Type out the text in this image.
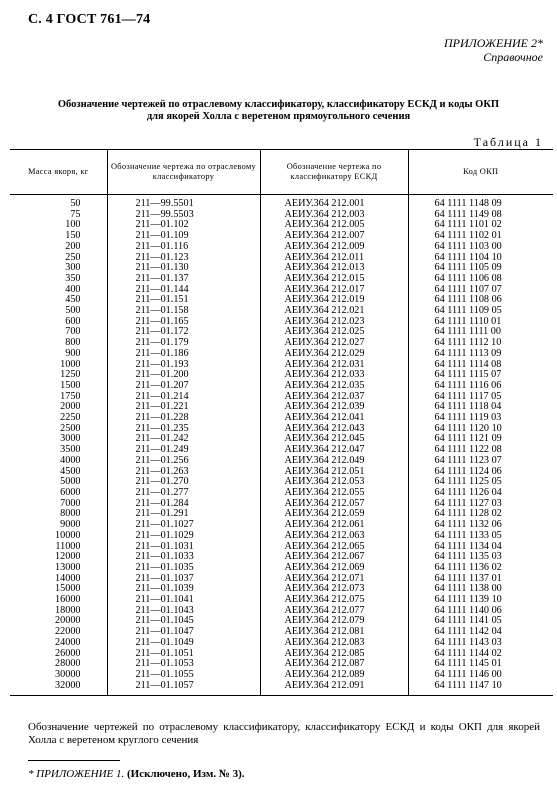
С. 4 ГОСТ 761—74
ПРИЛОЖЕНИЕ 2*
Справочное
Обозначение чертежей по отраслевому классификатору, классификатору ЕСКД и коды ОКП
для якорей Холла с веретеном прямоугольного сечения
Таблица 1
Масса якоря, кг	Обозначение чертежа по отраслевому классификатору	Обозначение чертежа по классификатору ЕСКД	Код ОКП
50	211—99.5501	АЕИУ.364 212.001	64 1111 1148 09
75	211—99.5503	АЕИУ.364 212.003	64 1111 1149 08
100	211—01.102	АЕИУ.364 212.005	64 1111 1101 02
150	211—01.109	АЕИУ.364 212.007	64 1111 1102 01
200	211—01.116	АЕИУ.364 212.009	64 1111 1103 00
250	211—01.123	АЕИУ.364 212.011	64 1111 1104 10
300	211—01.130	АЕИУ.364 212.013	64 1111 1105 09
350	211—01.137	АЕИУ.364 212.015	64 1111 1106 08
400	211—01.144	АЕИУ.364 212.017	64 1111 1107 07
450	211—01.151	АЕИУ.364 212.019	64 1111 1108 06
500	211—01.158	АЕИУ.364 212.021	64 1111 1109 05
600	211—01.165	АЕИУ.364 212.023	64 1111 1110 01
700	211—01.172	АЕИУ.364 212.025	64 1111 1111 00
800	211—01.179	АЕИУ.364 212.027	64 1111 1112 10
900	211—01.186	АЕИУ.364 212.029	64 1111 1113 09
1000	211—01.193	АЕИУ.364 212.031	64 1111 1114 08
1250	211—01.200	АЕИУ.364 212.033	64 1111 1115 07
1500	211—01.207	АЕИУ.364 212.035	64 1111 1116 06
1750	211—01.214	АЕИУ.364 212.037	64 1111 1117 05
2000	211—01.221	АЕИУ.364 212.039	64 1111 1118 04
2250	211—01.228	АЕИУ.364 212.041	64 1111 1119 03
2500	211—01.235	АЕИУ.364 212.043	64 1111 1120 10
3000	211—01.242	АЕИУ.364 212.045	64 1111 1121 09
3500	211—01.249	АЕИУ.364 212.047	64 1111 1122 08
4000	211—01.256	АЕИУ.364 212.049	64 1111 1123 07
4500	211—01.263	АЕИУ.364 212.051	64 1111 1124 06
5000	211—01.270	АЕИУ.364 212.053	64 1111 1125 05
6000	211—01.277	АЕИУ.364 212.055	64 1111 1126 04
7000	211—01.284	АЕИУ.364 212.057	64 1111 1127 03
8000	211—01.291	АЕИУ.364 212.059	64 1111 1128 02
9000	211—01.1027	АЕИУ.364 212.061	64 1111 1132 06
10000	211—01.1029	АЕИУ.364 212.063	64 1111 1133 05
11000	211—01.1031	АЕИУ.364 212.065	64 1111 1134 04
12000	211—01.1033	АЕИУ.364 212.067	64 1111 1135 03
13000	211—01.1035	АЕИУ.364 212.069	64 1111 1136 02
14000	211—01.1037	АЕИУ.364 212.071	64 1111 1137 01
15000	211—01.1039	АЕИУ.364 212.073	64 1111 1138 00
16000	211—01.1041	АЕИУ.364 212.075	64 1111 1139 10
18000	211—01.1043	АЕИУ.364 212.077	64 1111 1140 06
20000	211—01.1045	АЕИУ.364 212.079	64 1111 1141 05
22000	211—01.1047	АЕИУ.364 212.081	64 1111 1142 04
24000	211—01.1049	АЕИУ.364 212.083	64 1111 1143 03
26000	211—01.1051	АЕИУ.364 212.085	64 1111 1144 02
28000	211—01.1053	АЕИУ.364 212.087	64 1111 1145 01
30000	211—01.1055	АЕИУ.364 212.089	64 1111 1146 00
32000	211—01.1057	АЕИУ.364 212.091	64 1111 1147 10
Обозначение чертежей по отраслевому классификатору, классификатору ЕСКД и коды ОКП для якорей Холла с веретеном круглого сечения
* ПРИЛОЖЕНИЕ 1. (Исключено, Изм. № 3).
